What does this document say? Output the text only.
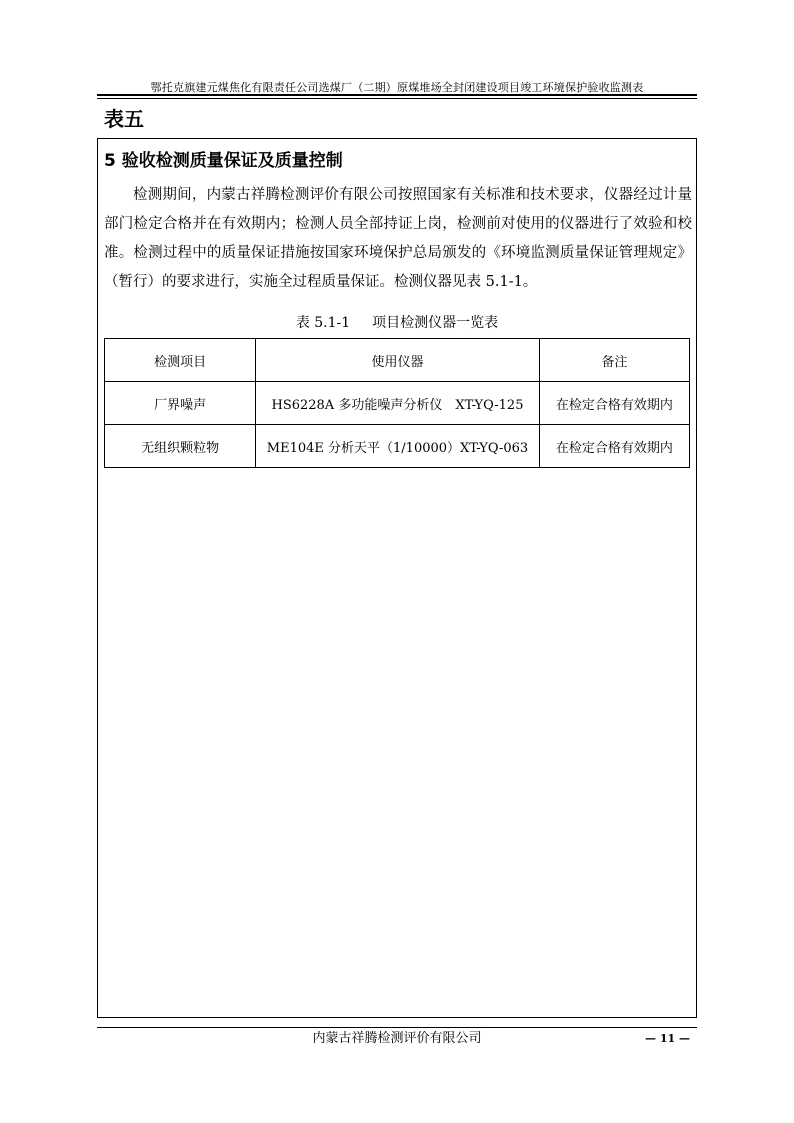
鄂托克旗建元煤焦化有限责任公司选煤厂（二期）原煤堆场全封闭建设项目竣工环境保护验收监测表
表五
5 验收检测质量保证及质量控制
检测期间，内蒙古祥腾检测评价有限公司按照国家有关标准和技术要求，仪器经过计量部门检定合格并在有效期内；检测人员全部持证上岗，检测前对使用的仪器进行了效验和校准。检测过程中的质量保证措施按国家环境保护总局颁发的《环境监测质量保证管理规定》（暂行）的要求进行，实施全过程质量保证。检测仪器见表 5.1-1。
表 5.1-1 项目检测仪器一览表
检测项目	使用仪器	备注
厂界噪声	HS6228A 多功能噪声分析仪　XT-YQ-125	在检定合格有效期内
无组织颗粒物	ME104E 分析天平（1/10000）XT-YQ-063	在检定合格有效期内
内蒙古祥腾检测评价有限公司	— 11 —
